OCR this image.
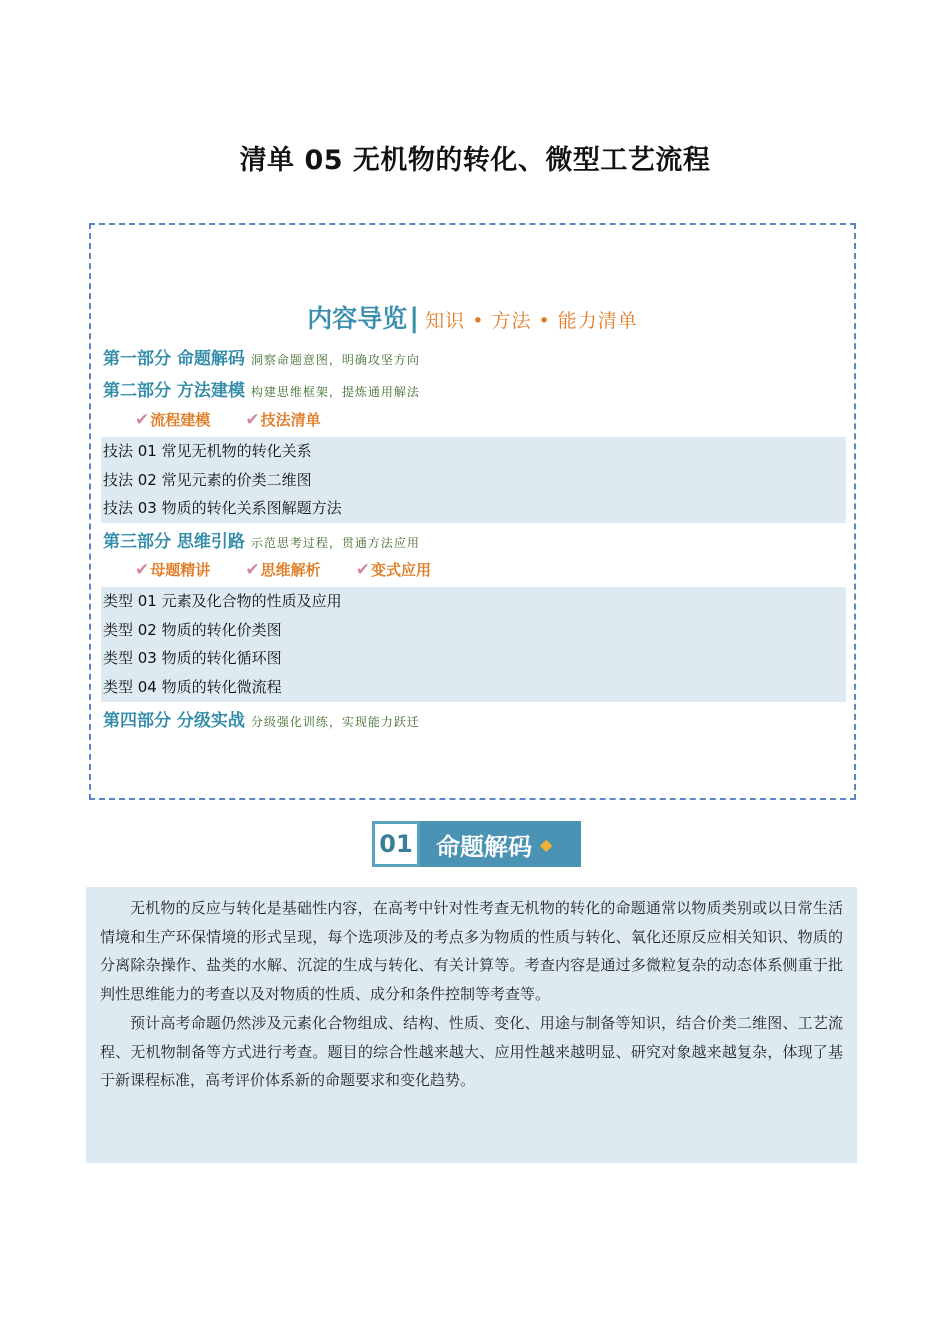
清单 05 无机物的转化、微型工艺流程
内容导览| 知识 • 方法 • 能力清单
第一部分 命题解码 洞察命题意图，明确攻坚方向
第二部分 方法建模 构建思维框架，提炼通用解法
✔流程建模 ✔技法清单
技法 01 常见无机物的转化关系
技法 02 常见元素的价类二维图
技法 03 物质的转化关系图解题方法
第三部分 思维引路 示范思考过程，贯通方法应用
✔母题精讲 ✔思维解析 ✔变式应用
类型 01 元素及化合物的性质及应用
类型 02 物质的转化价类图
类型 03 物质的转化循环图
类型 04 物质的转化微流程
第四部分 分级实战 分级强化训练，实现能力跃迁
01 命题解码 ◆

无机物的反应与转化是基础性内容，在高考中针对性考查无机物的转化的命题通常以物质类别或以日常生活情境和生产环保情境的形式呈现，每个选项涉及的考点多为物质的性质与转化、氧化还原反应相关知识、物质的分离除杂操作、盐类的水解、沉淀的生成与转化、有关计算等。考查内容是通过多微粒复杂的动态体系侧重于批判性思维能力的考查以及对物质的性质、成分和条件控制等考查等。

预计高考命题仍然涉及元素化合物组成、结构、性质、变化、用途与制备等知识，结合价类二维图、工艺流程、无机物制备等方式进行考查。题目的综合性越来越大、应用性越来越明显、研究对象越来越复杂，体现了基于新课程标准，高考评价体系新的命题要求和变化趋势。
